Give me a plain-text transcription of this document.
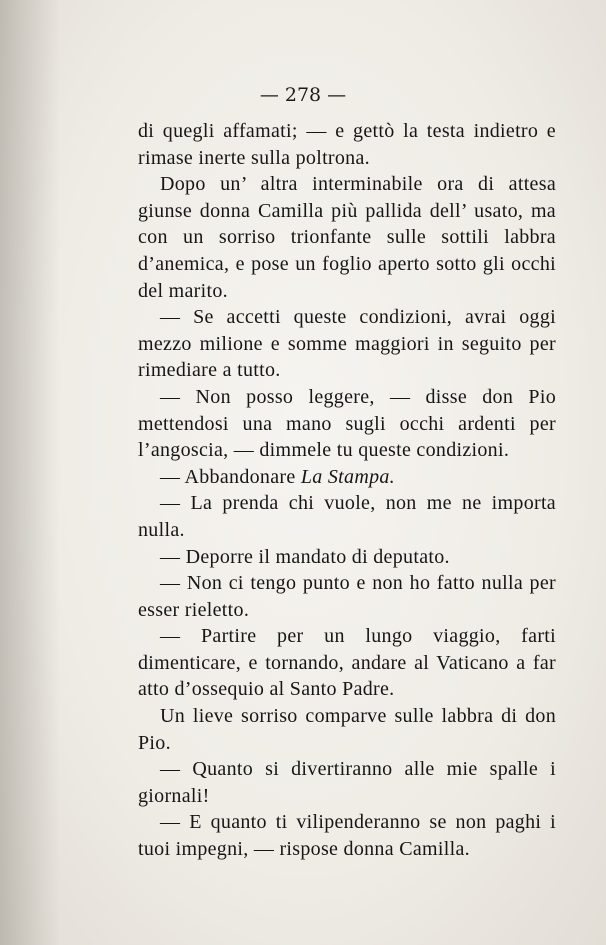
— 278 —

di quegli affamati; — e gettò la testa indietro e rimase inerte sulla poltrona.

Dopo un’ altra interminabile ora di attesa giunse donna Camilla più pallida dell’ usato, ma con un sorriso trionfante sulle sottili labbra d’anemica, e pose un foglio aperto sotto gli occhi del marito.

— Se accetti queste condizioni, avrai oggi mezzo milione e somme maggiori in seguito per rimediare a tutto.

— Non posso leggere, — disse don Pio mettendosi una mano sugli occhi ardenti per l’angoscia, — dimmele tu queste condizioni.

— Abbandonare La Stampa.

— La prenda chi vuole, non me ne importa nulla.

— Deporre il mandato di deputato.

— Non ci tengo punto e non ho fatto nulla per esser rieletto.

— Partire per un lungo viaggio, farti dimenticare, e tornando, andare al Vaticano a far atto d’ossequio al Santo Padre.

Un lieve sorriso comparve sulle labbra di don Pio.

— Quanto si divertiranno alle mie spalle i giornali!

— E quanto ti vilipenderanno se non paghi i tuoi impegni, — rispose donna Camilla.
